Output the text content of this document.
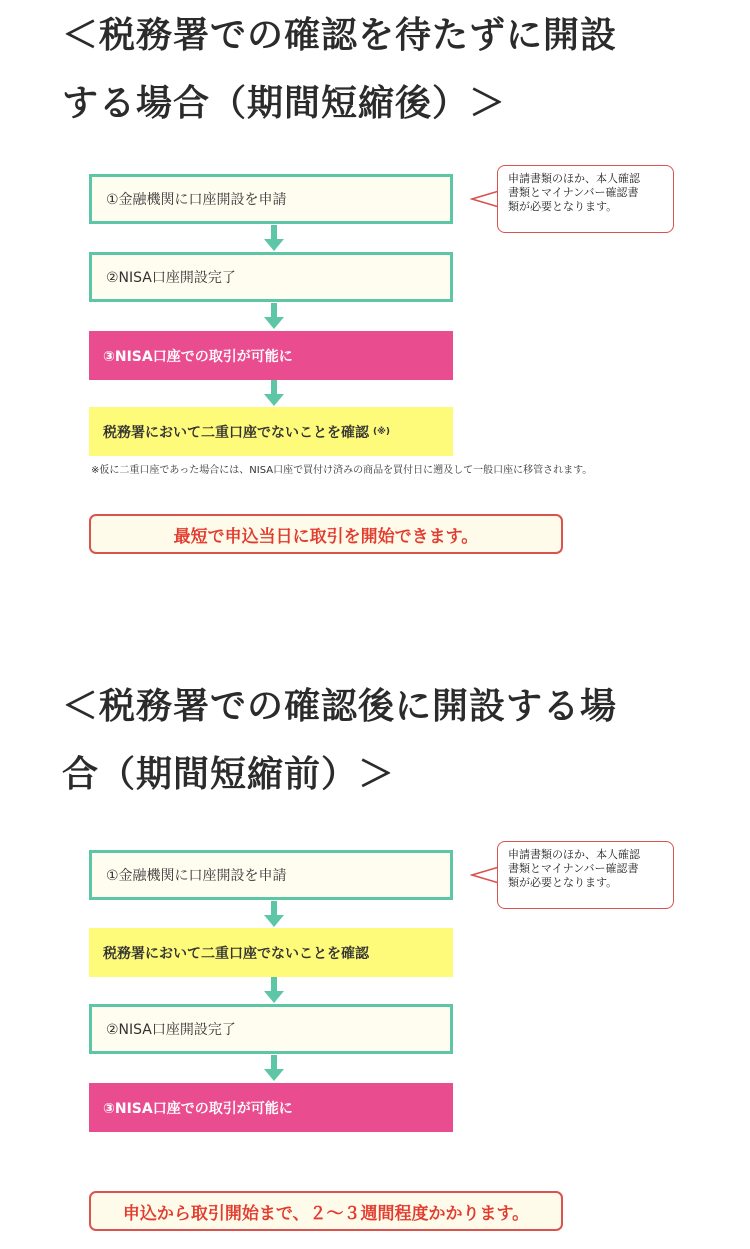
＜税務署での確認を待たずに開設
する場合（期間短縮後）＞
①金融機関に口座開設を申請
②NISA口座開設完了
③NISA口座での取引が可能に
税務署において二重口座でないことを確認 (※)
※仮に二重口座であった場合には、NISA口座で買付け済みの商品を買付日に遡及して一般口座に移管されます。
申請書類のほか、本人確認
書類とマイナンバー確認書
類が必要となります。
最短で申込当日に取引を開始できます。
＜税務署での確認後に開設する場
合（期間短縮前）＞
①金融機関に口座開設を申請
税務署において二重口座でないことを確認
②NISA口座開設完了
③NISA口座での取引が可能に
申請書類のほか、本人確認
書類とマイナンバー確認書
類が必要となります。
申込から取引開始まで、２～３週間程度かかります。
